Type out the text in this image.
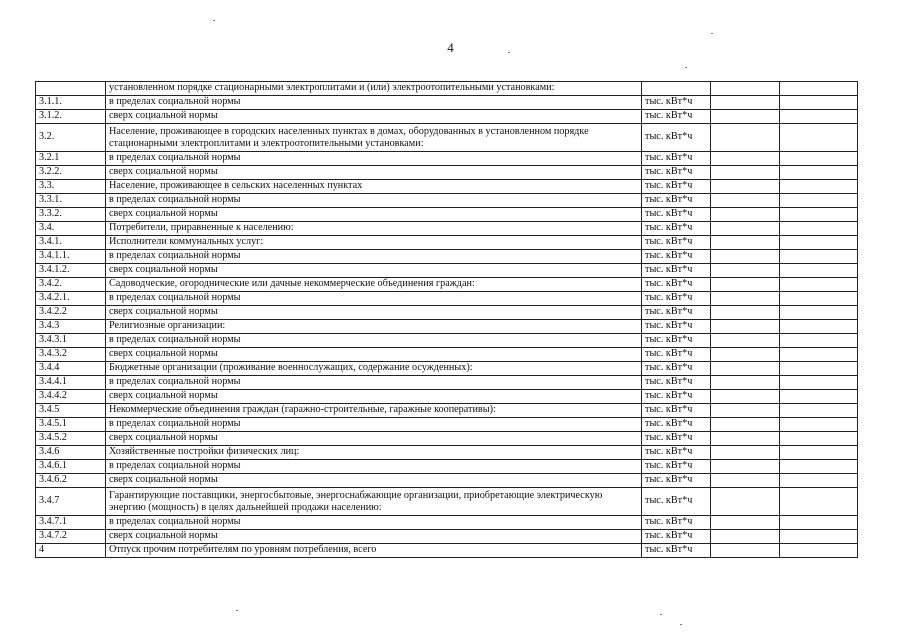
4
	установленном порядке стационарными электроплитами и (или) электроотопительными установками:			
3.1.1.	в пределах социальной нормы	тыс. кВт*ч		
3.1.2.	сверх социальной нормы	тыс. кВт*ч		
3.2.	Население, проживающее в городских населенных пунктах в домах, оборудованных в установленном порядке стационарными электроплитами и электроотопительными установками:	тыс. кВт*ч		
3.2.1	в пределах социальной нормы	тыс. кВт*ч		
3.2.2.	сверх социальной нормы	тыс. кВт*ч		
3.3.	Население, проживающее в сельских населенных пунктах	тыс. кВт*ч		
3.3.1.	в пределах социальной нормы	тыс. кВт*ч		
3.3.2.	сверх социальной нормы	тыс. кВт*ч		
3.4.	Потребители, приравненные к населению:	тыс. кВт*ч		
3.4.1.	Исполнители коммунальных услуг:	тыс. кВт*ч		
3.4.1.1.	в пределах социальной нормы	тыс. кВт*ч		
3.4.1.2.	сверх социальной нормы	тыс. кВт*ч		
3.4.2.	Садоводческие, огороднические или дачные некоммерческие объединения граждан:	тыс. кВт*ч		
3.4.2.1.	в пределах социальной нормы	тыс. кВт*ч		
3.4.2.2	сверх социальной нормы	тыс. кВт*ч		
3.4.3	Религиозные организации:	тыс. кВт*ч		
3.4.3.1	в пределах социальной нормы	тыс. кВт*ч		
3.4.3.2	сверх социальной нормы	тыс. кВт*ч		
3.4.4	Бюджетные организации (проживание военнослужащих, содержание осужденных):	тыс. кВт*ч		
3.4.4.1	в пределах социальной нормы	тыс. кВт*ч		
3.4.4.2	сверх социальной нормы	тыс. кВт*ч		
3.4.5	Некоммерческие объединения граждан (гаражно-строительные, гаражные кооперативы):	тыс. кВт*ч		
3.4.5.1	в пределах социальной нормы	тыс. кВт*ч		
3.4.5.2	сверх социальной нормы	тыс. кВт*ч		
3.4.6	Хозяйственные постройки физических лиц:	тыс. кВт*ч		
3.4.6.1	в пределах социальной нормы	тыс. кВт*ч		
3.4.6.2	сверх социальной нормы	тыс. кВт*ч		
3.4.7	Гарантирующие поставщики, энергосбытовые, энергоснабжающие организации, приобретающие электрическую энергию (мощность) в целях дальнейшей продажи населению:	тыс. кВт*ч		
3.4.7.1	в пределах социальной нормы	тыс. кВт*ч		
3.4.7.2	сверх социальной нормы	тыс. кВт*ч		
4	Отпуск прочим потребителям по уровням потребления, всего	тыс. кВт*ч		
